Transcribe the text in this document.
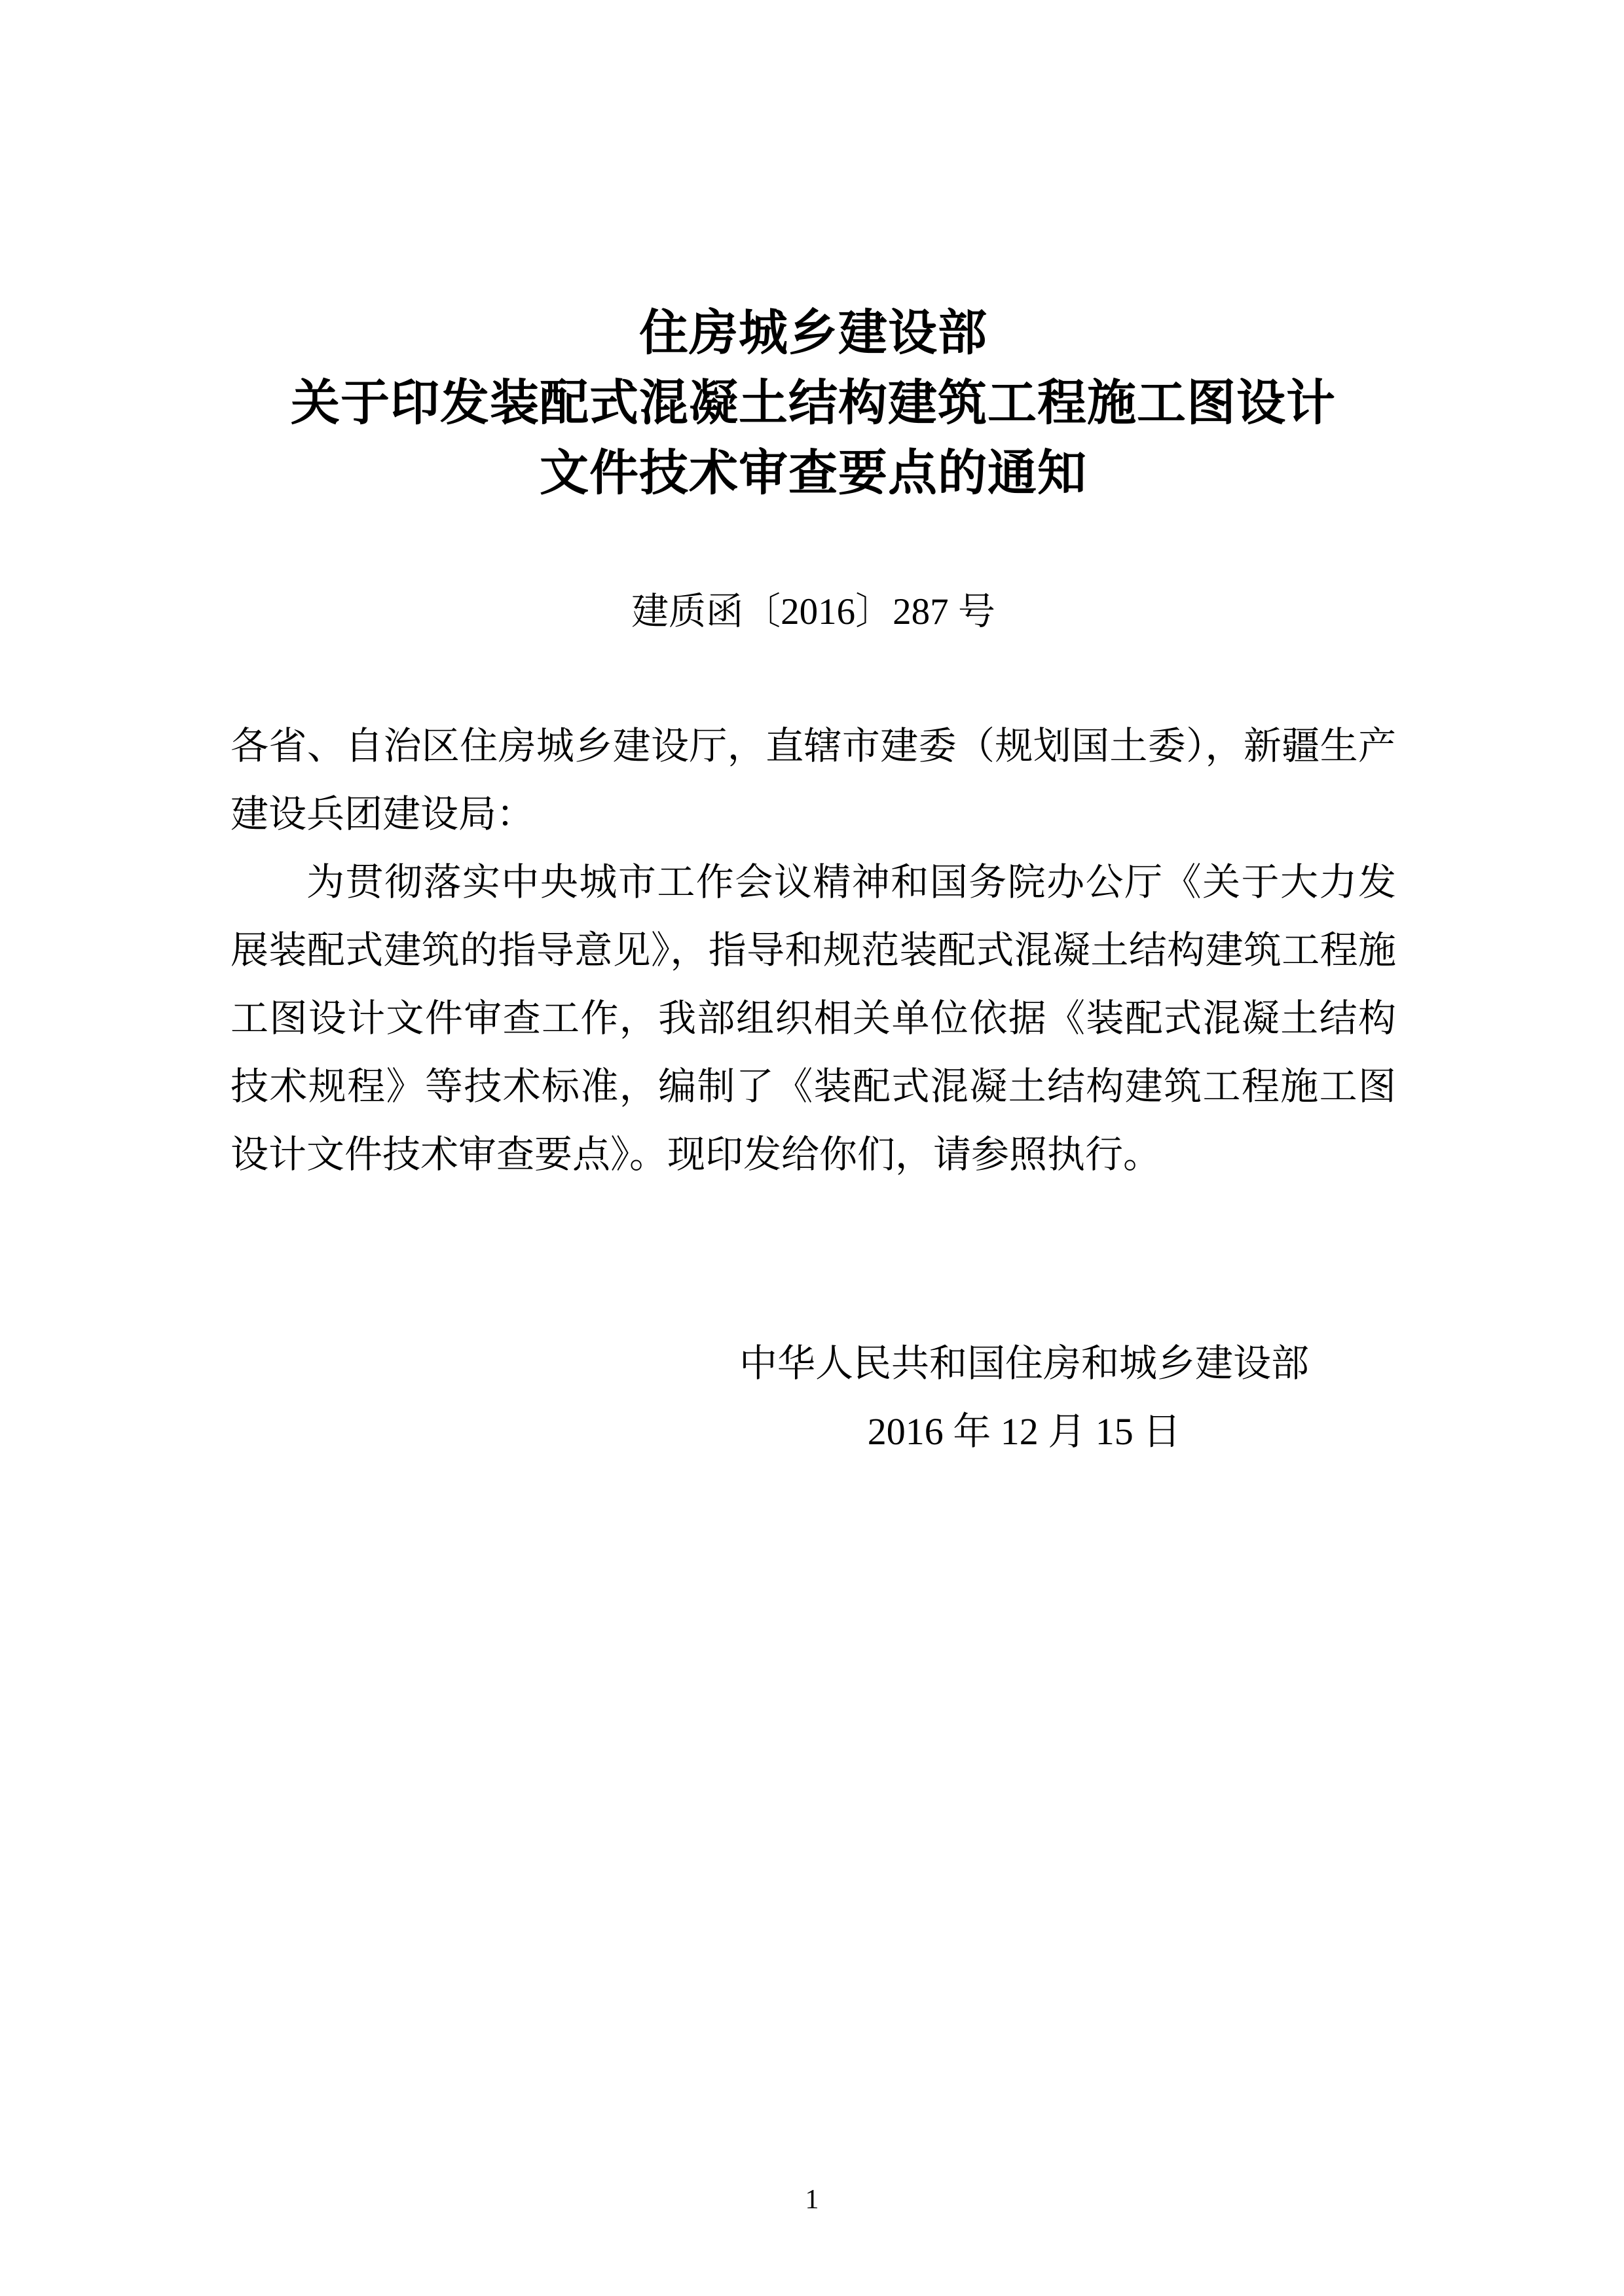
住房城乡建设部
关于印发装配式混凝土结构建筑工程施工图设计
文件技术审查要点的通知
建质函〔2016〕287 号

各省、自治区住房城乡建设厅，直辖市建委（规划国土委），新疆生产建设兵团建设局：

为贯彻落实中央城市工作会议精神和国务院办公厅《关于大力发展装配式建筑的指导意见》，指导和规范装配式混凝土结构建筑工程施工图设计文件审查工作，我部组织相关单位依据《装配式混凝土结构技术规程》等技术标准，编制了《装配式混凝土结构建筑工程施工图设计文件技术审查要点》。现印发给你们，请参照执行。

中华人民共和国住房和城乡建设部
2016 年 12 月 15 日
1
